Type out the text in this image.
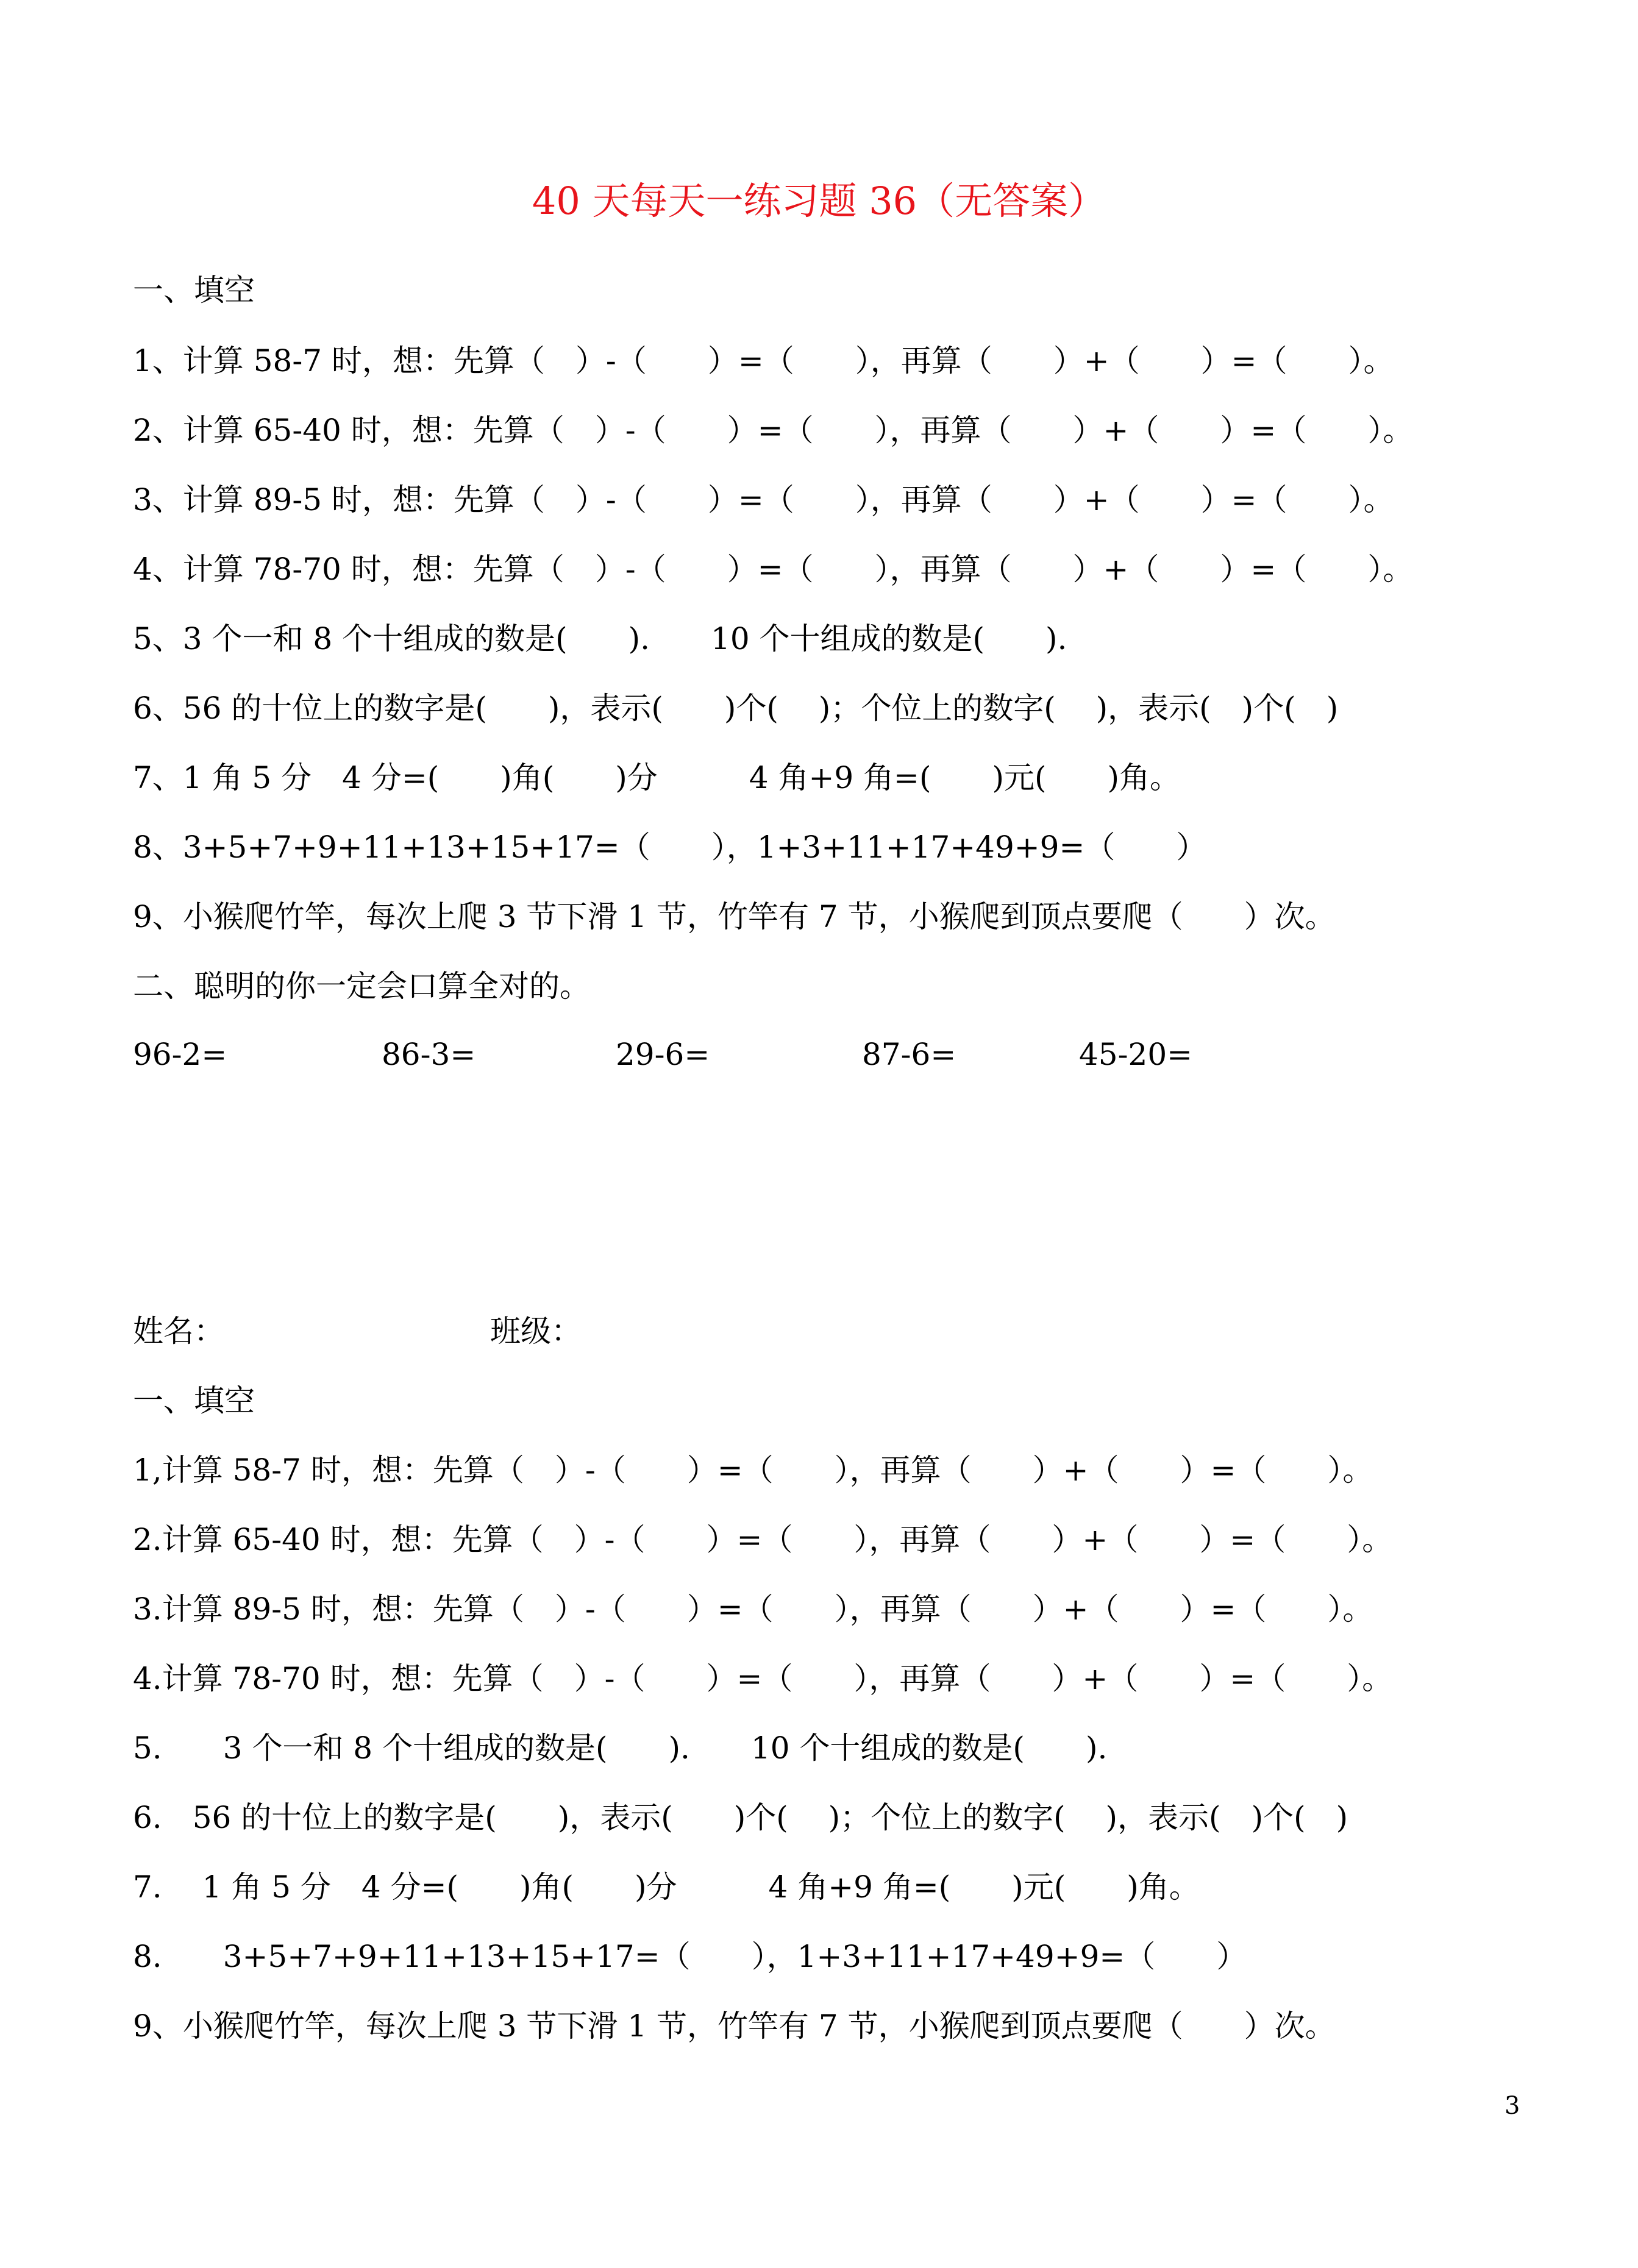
40 天每天一练习题 36（无答案）
一、填空
1、计算 58-7 时，想：先算（　）-（　　）=（　　），再算（　　）+（　　）=（　　）。
2、计算 65-40 时，想：先算（　）-（　　）=（　　），再算（　　）+（　　）=（　　）。
3、计算 89-5 时，想：先算（　）-（　　）=（　　），再算（　　）+（　　）=（　　）。
4、计算 78-70 时，想：先算（　）-（　　）=（　　），再算（　　）+（　　）=（　　）。
5、3 个一和 8 个十组成的数是(　　).　　10 个十组成的数是(　　).
6、56 的十位上的数字是(　　)，表示(　　)个(　 )；个位上的数字(　 )，表示(　)个(　)
7、1 角 5 分　4 分=(　　)角(　　)分　　　4 角+9 角=(　　)元(　　)角。
8、3+5+7+9+11+13+15+17=（　　），1+3+11+17+49+9=（　　）
9、小猴爬竹竿，每次上爬 3 节下滑 1 节，竹竿有 7 节，小猴爬到顶点要爬（　　）次。
二、聪明的你一定会口算全对的。
96-2=	86-3=	29-6=	87-6=	45-20=
姓名：	班级：
一、填空
1,计算 58-7 时，想：先算（　）-（　　）=（　　），再算（　　）+（　　）=（　　）。
2.计算 65-40 时，想：先算（　）-（　　）=（　　），再算（　　）+（　　）=（　　）。
3.计算 89-5 时，想：先算（　）-（　　）=（　　），再算（　　）+（　　）=（　　）。
4.计算 78-70 时，想：先算（　）-（　　）=（　　），再算（　　）+（　　）=（　　）。
5.　　3 个一和 8 个十组成的数是(　　).　　10 个十组成的数是(　　).
6.　56 的十位上的数字是(　　)，表示(　　)个(　 )；个位上的数字(　 )，表示(　)个(　)
7.　 1 角 5 分　4 分=(　　)角(　　)分　　　4 角+9 角=(　　)元(　　)角。
8.　　3+5+7+9+11+13+15+17=（　　），1+3+11+17+49+9=（　　）
9、小猴爬竹竿，每次上爬 3 节下滑 1 节，竹竿有 7 节，小猴爬到顶点要爬（　　）次。
3
